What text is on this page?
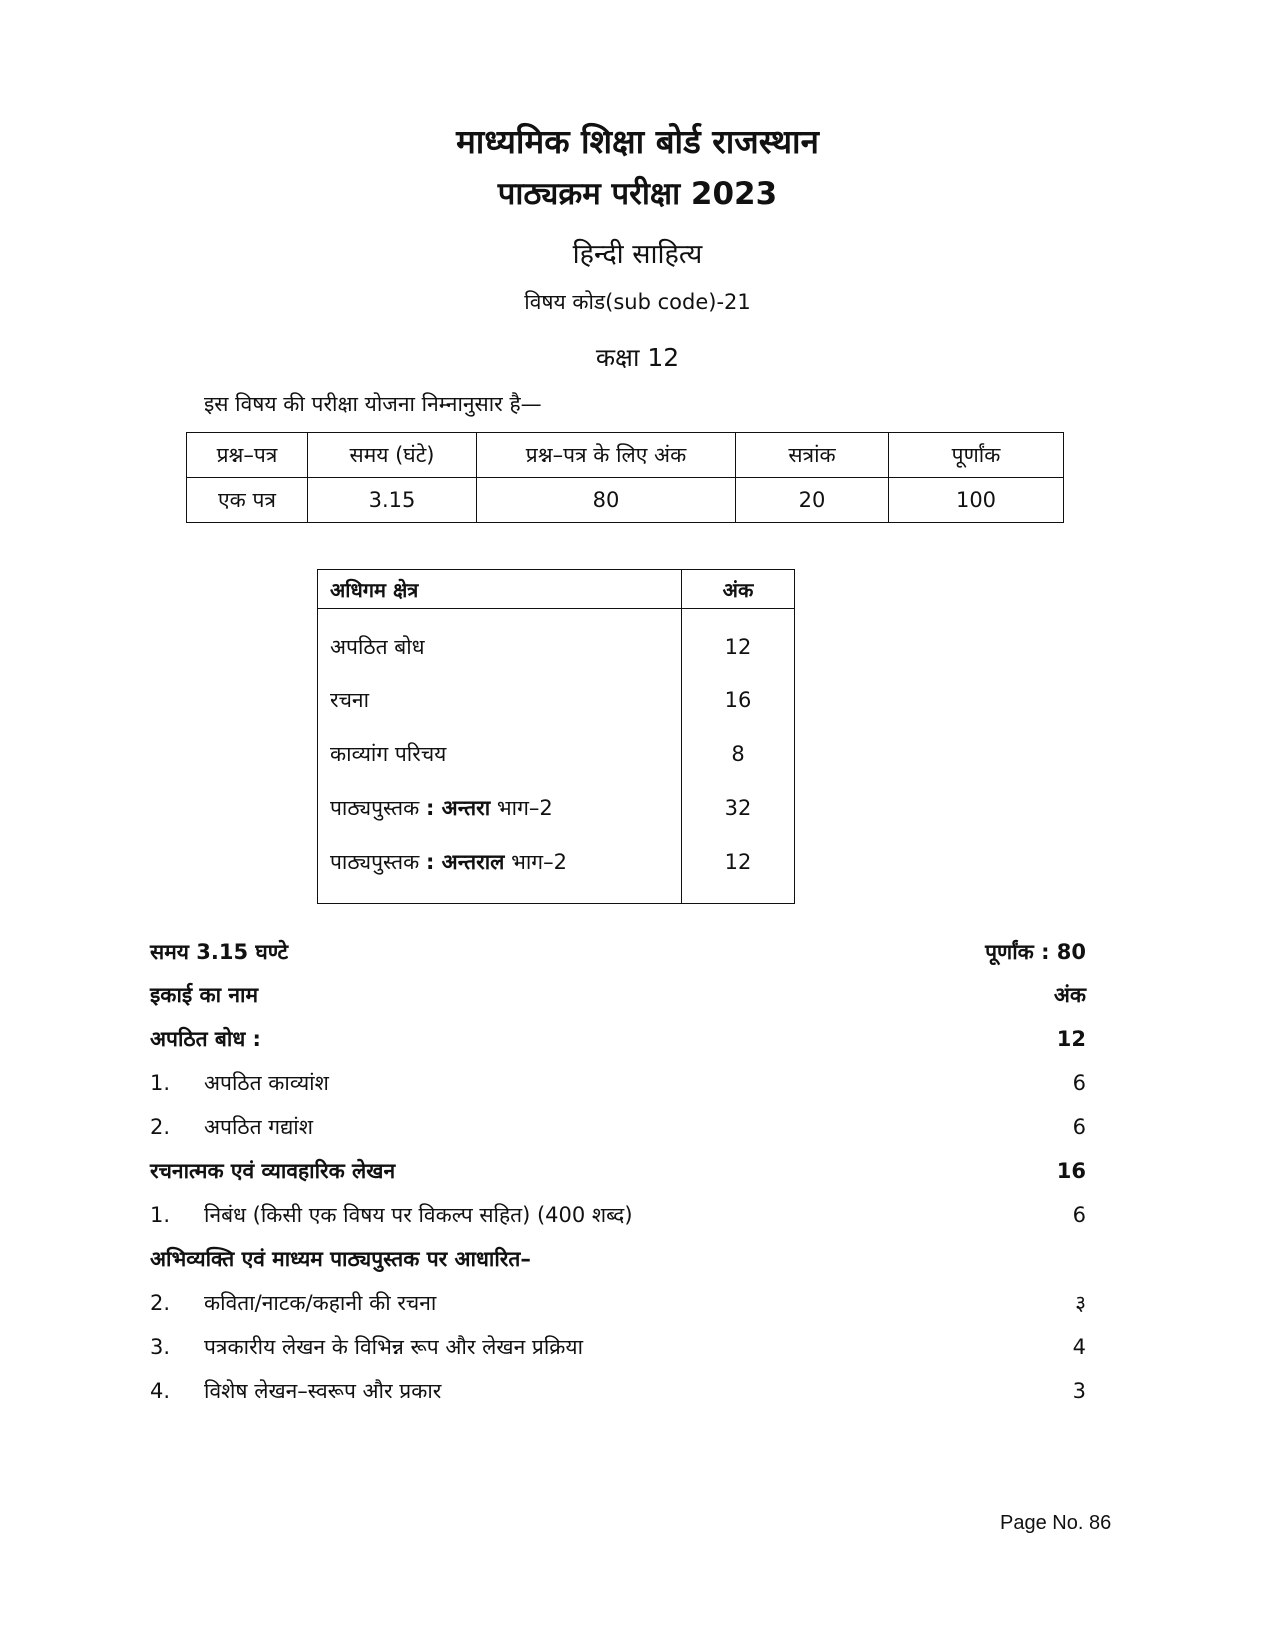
माध्यमिक शिक्षा बोर्ड राजस्थान
पाठ्यक्रम परीक्षा 2023
हिन्दी साहित्य
विषय कोड(sub code)-21
कक्षा 12
इस विषय की परीक्षा योजना निम्नानुसार है—
प्रश्न–पत्र	समय (घंटे)	प्रश्न–पत्र के लिए अंक	सत्रांक	पूर्णांक
एक पत्र	3.15	80	20	100
अधिगम क्षेत्र	अंक
अपठित बोध	12
रचना	16
काव्यांग परिचय	8
पाठ्यपुस्तक : अन्तरा भाग–2	32
पाठ्यपुस्तक : अन्तराल भाग–2	12
समय 3.15 घण्टे	पूर्णांक : 80
इकाई का नाम	अंक
अपठित बोध :	12
1.	अपठित काव्यांश	6
2.	अपठित गद्यांश	6
रचनात्मक एवं व्यावहारिक लेखन	16
1.	निबंध (किसी एक विषय पर विकल्प सहित) (400 शब्द)	6
अभिव्यक्ति एवं माध्यम पाठ्यपुस्तक पर आधारित–
2.	कविता/नाटक/कहानी की रचना	३
3.	पत्रकारीय लेखन के विभिन्न रूप और लेखन प्रक्रिया	4
4.	विशेष लेखन–स्वरूप और प्रकार	3
Page No. 86
